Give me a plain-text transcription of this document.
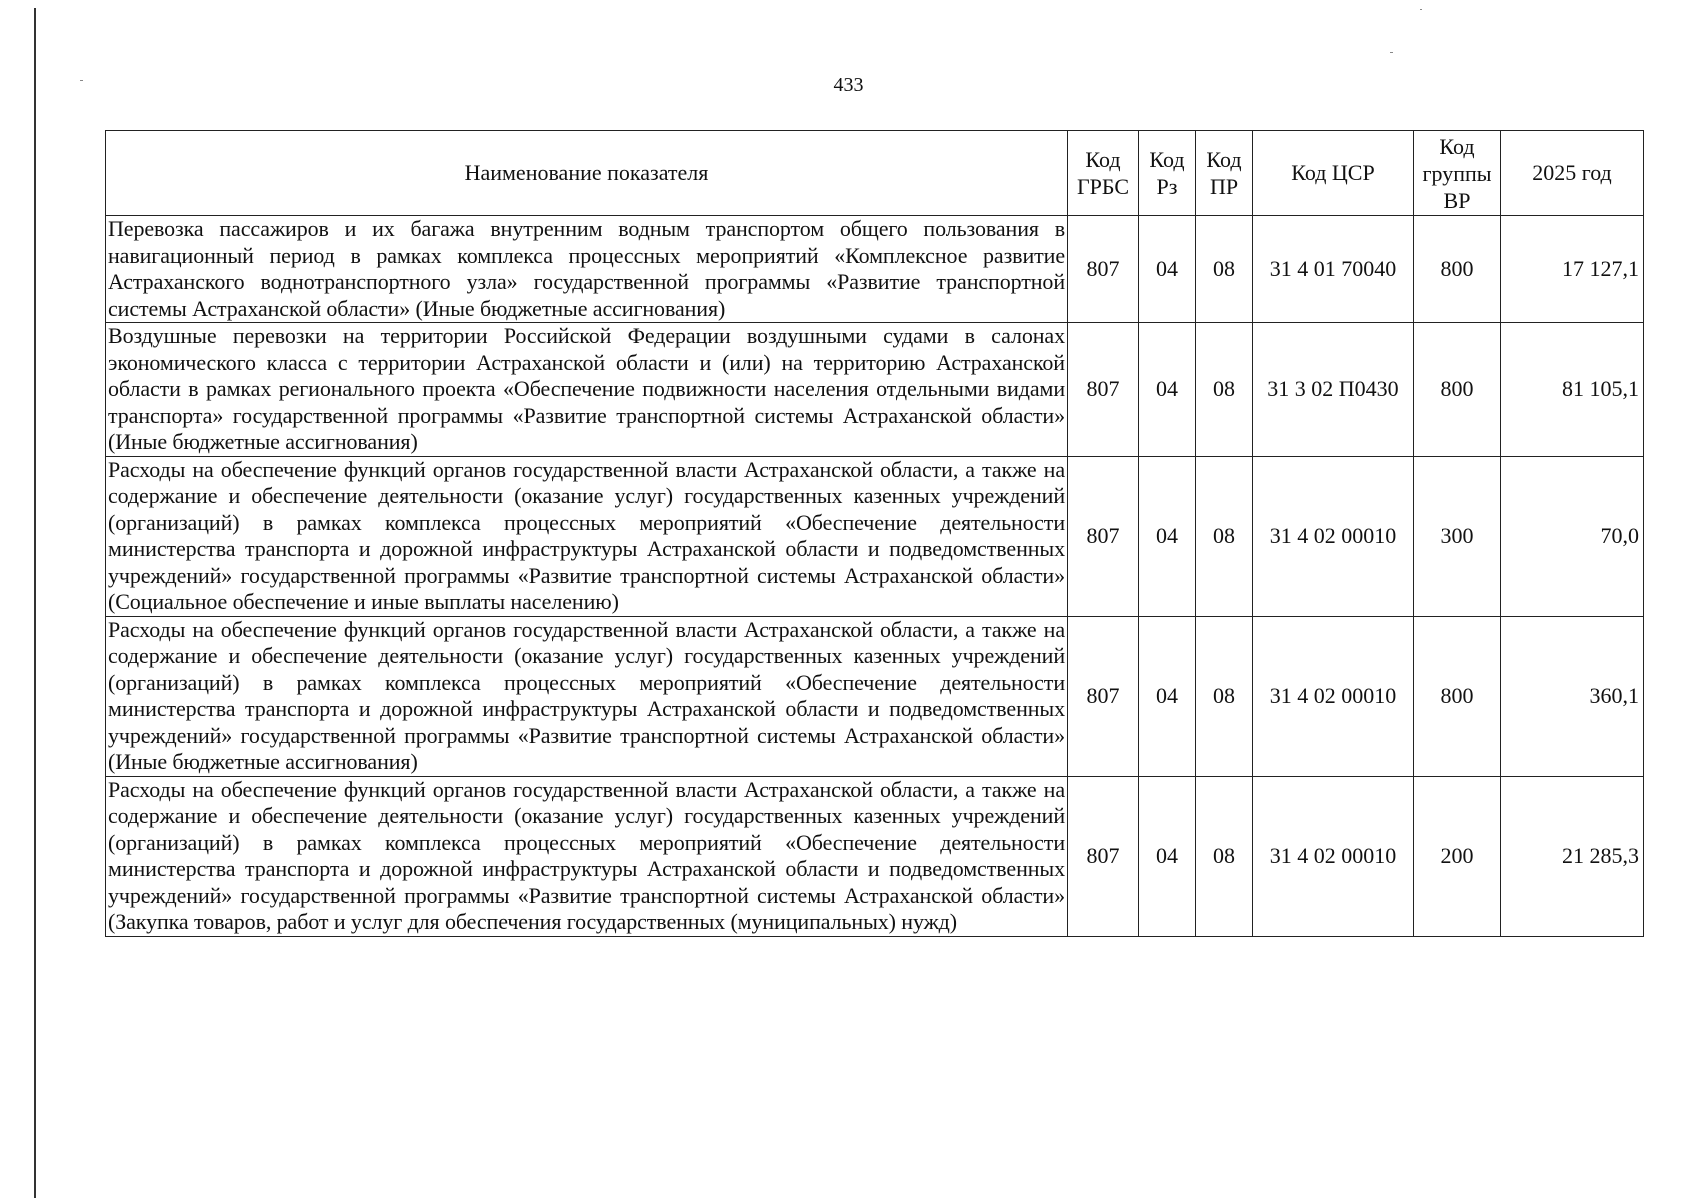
433
Наименование показателя	Код ГРБС	Код Рз	Код ПР	Код ЦСР	Код группы ВР	2025 год
Перевозка пассажиров и их багажа внутренним водным транспортом общего пользования в навигационный период в рамках комплекса процессных мероприятий «Комплексное развитие Астраханского воднотранспортного узла» государственной программы «Развитие транспортной системы Астраханской области» (Иные бюджетные ассигнования)	807	04	08	31 4 01 70040	800	17 127,1
Воздушные перевозки на территории Российской Федерации воздушными судами в салонах экономического класса с территории Астраханской области и (или) на территорию Астраханской области в рамках регионального проекта «Обеспечение подвижности населения отдельными видами транспорта» государственной программы «Развитие транспортной системы Астраханской области» (Иные бюджетные ассигнования)	807	04	08	31 3 02 П0430	800	81 105,1
Расходы на обеспечение функций органов государственной власти Астраханской области, а также на содержание и обеспечение деятельности (оказание услуг) государственных казенных учреждений (организаций) в рамках комплекса процессных мероприятий «Обеспечение деятельности министерства транспорта и дорожной инфраструктуры Астраханской области и подведомственных учреждений» государственной программы «Развитие транспортной системы Астраханской области» (Социальное обеспечение и иные выплаты населению)	807	04	08	31 4 02 00010	300	70,0
Расходы на обеспечение функций органов государственной власти Астраханской области, а также на содержание и обеспечение деятельности (оказание услуг) государственных казенных учреждений (организаций) в рамках комплекса процессных мероприятий «Обеспечение деятельности министерства транспорта и дорожной инфраструктуры Астраханской области и подведомственных учреждений» государственной программы «Развитие транспортной системы Астраханской области» (Иные бюджетные ассигнования)	807	04	08	31 4 02 00010	800	360,1
Расходы на обеспечение функций органов государственной власти Астраханской области, а также на содержание и обеспечение деятельности (оказание услуг) государственных казенных учреждений (организаций) в рамках комплекса процессных мероприятий «Обеспечение деятельности министерства транспорта и дорожной инфраструктуры Астраханской области и подведомственных учреждений» государственной программы «Развитие транспортной системы Астраханской области» (Закупка товаров, работ и услуг для обеспечения государственных (муниципальных) нужд)	807	04	08	31 4 02 00010	200	21 285,3
